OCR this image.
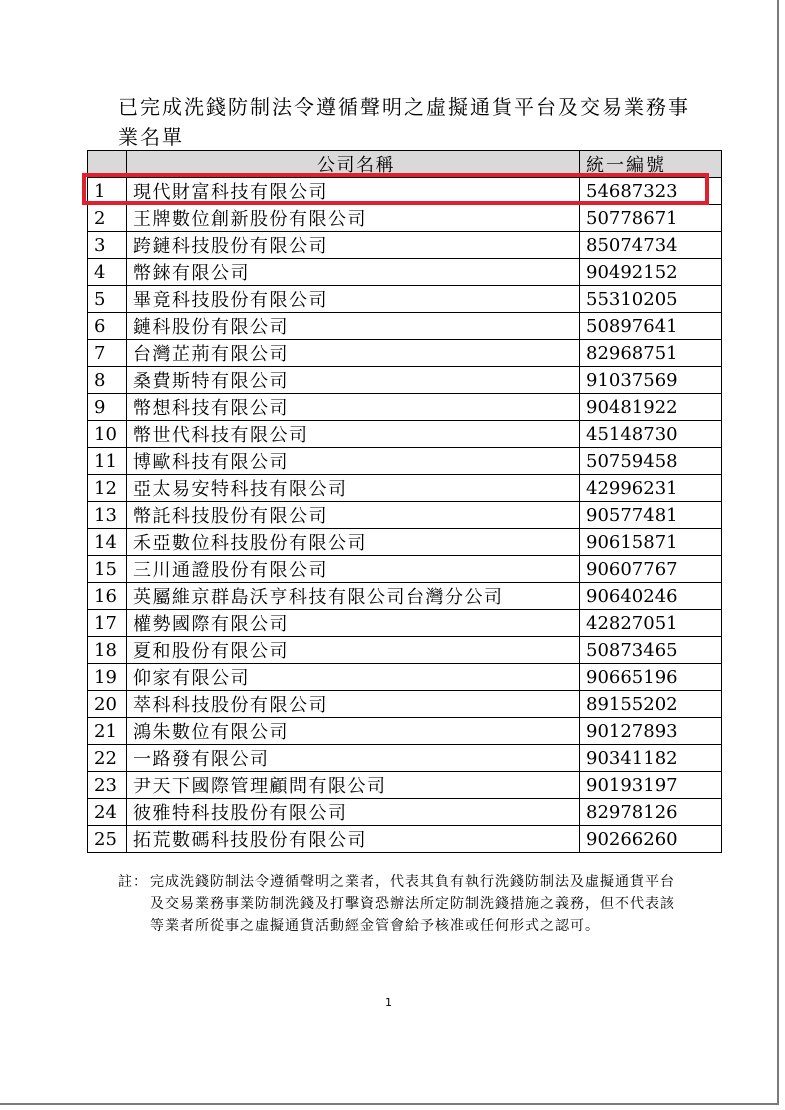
已完成洗錢防制法令遵循聲明之虛擬通貨平台及交易業務事業名單
	公司名稱	統一編號
1	現代財富科技有限公司	54687323
2	王牌數位創新股份有限公司	50778671
3	跨鏈科技股份有限公司	85074734
4	幣錸有限公司	90492152
5	畢竟科技股份有限公司	55310205
6	鏈科股份有限公司	50897641
7	台灣芷荊有限公司	82968751
8	桑費斯特有限公司	91037569
9	幣想科技有限公司	90481922
10	幣世代科技有限公司	45148730
11	博歐科技有限公司	50759458
12	亞太易安特科技有限公司	42996231
13	幣託科技股份有限公司	90577481
14	禾亞數位科技股份有限公司	90615871
15	三川通證股份有限公司	90607767
16	英屬維京群島沃亨科技有限公司台灣分公司	90640246
17	權勢國際有限公司	42827051
18	夏和股份有限公司	50873465
19	仰家有限公司	90665196
20	萃科科技股份有限公司	89155202
21	鴻朱數位有限公司	90127893
22	一路發有限公司	90341182
23	尹天下國際管理顧問有限公司	90193197
24	彼雅特科技股份有限公司	82978126
25	拓荒數碼科技股份有限公司	90266260
註： 完成洗錢防制法令遵循聲明之業者，代表其負有執行洗錢防制法及虛擬通貨平台及交易業務事業防制洗錢及打擊資恐辦法所定防制洗錢措施之義務，但不代表該等業者所從事之虛擬通貨活動經金管會給予核准或任何形式之認可。
1
